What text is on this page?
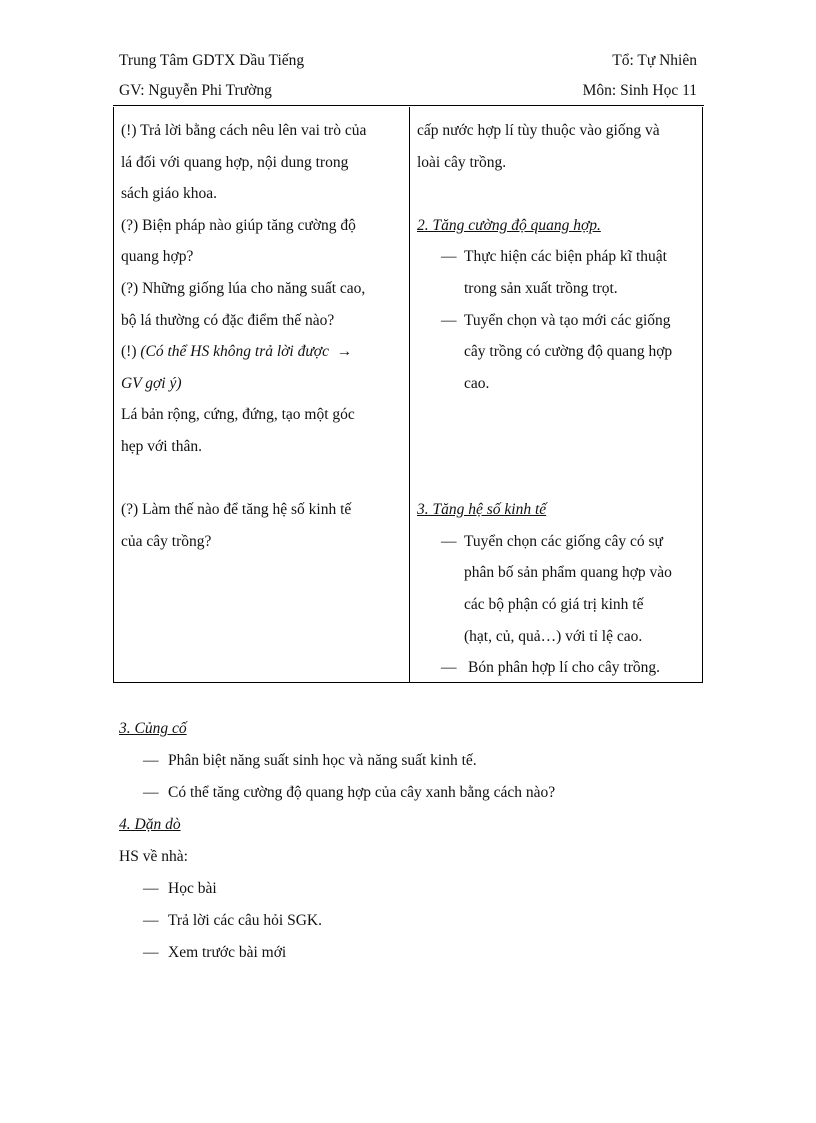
Trung Tâm GDTX Dầu Tiếng	Tổ: Tự Nhiên
GV: Nguyễn Phi Trường	Môn: Sinh Học 11
(!) Trả lời bằng cách nêu lên vai trò của
lá đối với quang hợp, nội dung trong
sách giáo khoa.
(?) Biện pháp nào giúp tăng cường độ
quang hợp?
(?) Những giống lúa cho năng suất cao,
bộ lá thường có đặc điểm thế nào?
(!) (Có thể HS không trả lời được →
GV gợi ý)
Lá bản rộng, cứng, đứng, tạo một góc
hẹp với thân.
(?) Làm thế nào để tăng hệ số kinh tế
của cây trồng?
cấp nước hợp lí tùy thuộc vào giống và
loài cây trồng.
2. Tăng cường độ quang hợp.
— Thực hiện các biện pháp kĩ thuật
trong sản xuất trồng trọt.
— Tuyển chọn và tạo mới các giống
cây trồng có cường độ quang hợp
cao.
3. Tăng hệ số kinh tế
— Tuyển chọn các giống cây có sự
phân bố sản phẩm quang hợp vào
các bộ phận có giá trị kinh tế
(hạt, củ, quả…) với tỉ lệ cao.
— Bón phân hợp lí cho cây trồng.
3. Củng cố
— Phân biệt năng suất sinh học và năng suất kinh tế.
— Có thể tăng cường độ quang hợp của cây xanh bằng cách nào?
4. Dặn dò
HS về nhà:
— Học bài
— Trả lời các câu hỏi SGK.
— Xem trước bài mới
